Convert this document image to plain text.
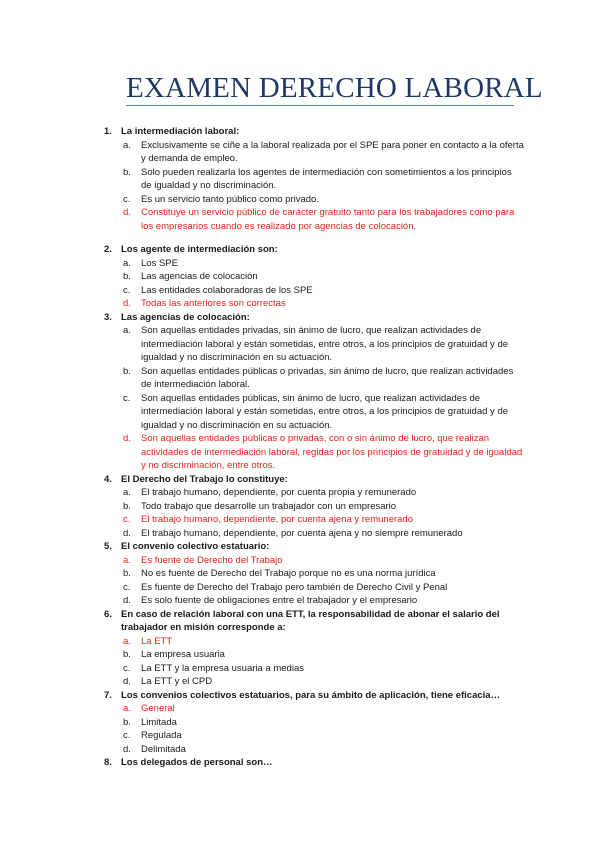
EXAMEN DERECHO LABORAL
1. La intermediación laboral:
a. Exclusivamente se ciñe a la laboral realizada por el SPE para poner en contacto a la oferta y demanda de empleo.
b. Solo pueden realizarla los agentes de intermediación con sometimientos a los principios de igualdad y no discriminación.
c. Es un servicio tanto público como privado.
d. Constituye un servicio público de carácter gratuito tanto para los trabajadores como para los empresarios cuando es realizado por agencias de colocación.
2. Los agente de intermediación son:
a. Los SPE
b. Las agencias de colocación
c. Las entidades colaboradoras de los SPE
d. Todas las anteriores son correctas
3. Las agencias de colocación:
a. Son aquellas entidades privadas, sin ánimo de lucro, que realizan actividades de intermediación laboral y están sometidas, entre otros, a los principios de gratuidad y de igualdad y no discriminación en su actuación.
b. Son aquellas entidades públicas o privadas, sin ánimo de lucro, que realizan actividades de intermediación laboral.
c. Son aquellas entidades públicas, sin ánimo de lucro, que realizan actividades de intermediación laboral y están sometidas, entre otros, a los principios de gratuidad y de igualdad y no discriminación en su actuación.
d. Son aquellas entidades públicas o privadas, con o sin ánimo de lucro, que realizan actividades de intermediación laboral, regidas por los principios de gratuidad y de igualdad y no discriminación, entre otros.
4. El Derecho del Trabajo lo constituye:
a. El trabajo humano, dependiente, por cuenta propia y remunerado
b. Todo trabajo que desarrolle un trabajador con un empresario
c. El trabajo humano, dependiente, por cuenta ajena y remunerado
d. El trabajo humano, dependiente, por cuenta ajena y no siempre remunerado
5. El convenio colectivo estatuario:
a. Es fuente de Derecho del Trabajo
b. No es fuente de Derecho del Trabajo porque no es una norma jurídica
c. Es fuente de Derecho del Trabajo pero también de Derecho Civil y Penal
d. Es solo fuente de obligaciones entre el trabajador y el empresario
6. En caso de relación laboral con una ETT, la responsabilidad de abonar el salario del trabajador en misión corresponde a:
a. La ETT
b. La empresa usuaria
c. La ETT y la empresa usuaria a medias
d. La ETT y el CPD
7. Los convenios colectivos estatuarios, para su ámbito de aplicación, tiene eficacia…
a. General
b. Limitada
c. Regulada
d. Delimitada
8. Los delegados de personal son…
